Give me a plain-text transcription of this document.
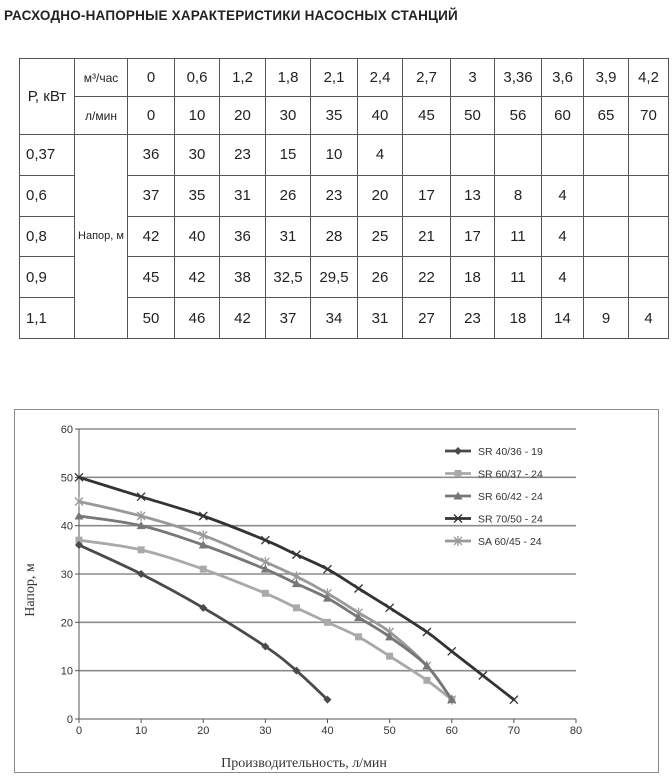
РАСХОДНО-НАПОРНЫЕ ХАРАКТЕРИСТИКИ НАСОСНЫХ СТАНЦИЙ
Р, кВт	м³/час	0	0,6	1,2	1,8	2,1	2,4	2,7	3	3,36	3,6	3,9	4,2
	л/мин	0	10	20	30	35	40	45	50	56	60	65	70
0,37	Напор, м	36	30	23	15	10	4						
0,6		37	35	31	26	23	20	17	13	8	4		
0,8		42	40	36	31	28	25	21	17	11	4		
0,9		45	42	38	32,5	29,5	26	22	18	11	4		
1,1		50	46	42	37	34	31	27	23	18	14	9	4
0
10
20
30
40
50
60
0	10	20	30	40	50	60	70	80
SR 40/36 - 19
SR 60/37 - 24
SR 60/42 - 24
SR 70/50 - 24
SA 60/45 - 24
Производительность, л/мин
Напор, м
